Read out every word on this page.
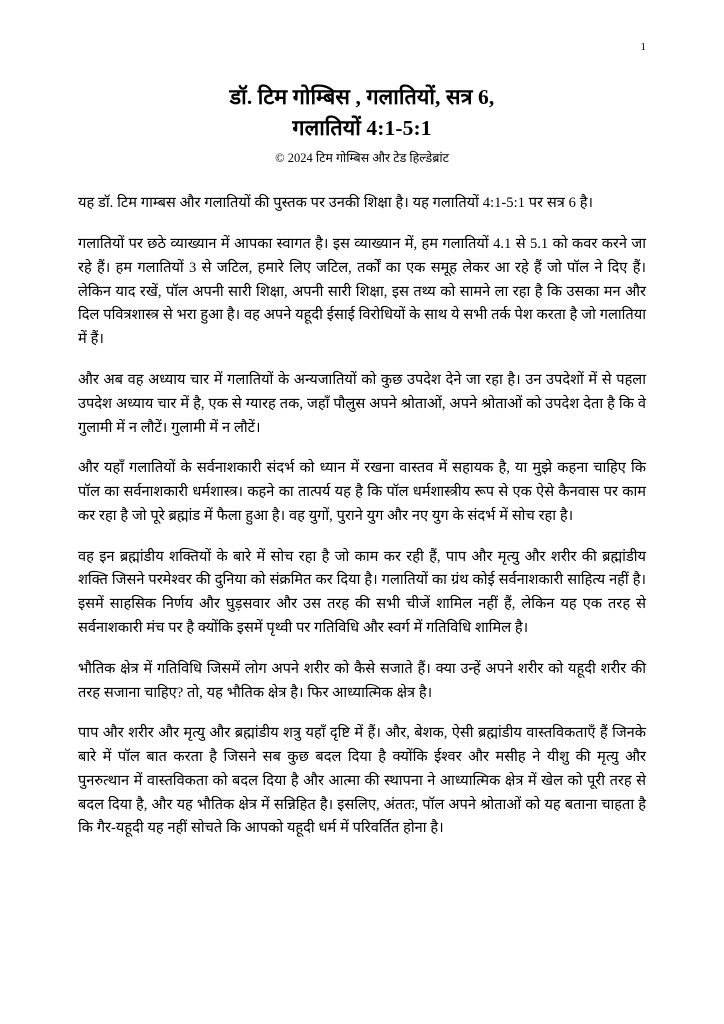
1
डॉ. टिम गोम्बिस , गलातियों, सत्र 6,
गलातियों 4:1-5:1
© 2024 टिम गोम्बिस और टेड हिल्डेब्रांट

यह डॉ. टिम गाम्बस और गलातियों की पुस्तक पर उनकी शिक्षा है। यह गलातियों 4:1-5:1 पर सत्र 6 है।

गलातियों पर छठे व्याख्यान में आपका स्वागत है। इस व्याख्यान में, हम गलातियों 4.1 से 5.1 को कवर करने जा रहे हैं। हम गलातियों 3 से जटिल, हमारे लिए जटिल, तर्कों का एक समूह लेकर आ रहे हैं जो पॉल ने दिए हैं। लेकिन याद रखें, पॉल अपनी सारी शिक्षा, अपनी सारी शिक्षा, इस तथ्य को सामने ला रहा है कि उसका मन और दिल पवित्रशास्त्र से भरा हुआ है। वह अपने यहूदी ईसाई विरोधियों के साथ ये सभी तर्क पेश करता है जो गलातिया में हैं।

और अब वह अध्याय चार में गलातियों के अन्यजातियों को कुछ उपदेश देने जा रहा है। उन उपदेशों में से पहला उपदेश अध्याय चार में है, एक से ग्यारह तक, जहाँ पौलुस अपने श्रोताओं, अपने श्रोताओं को उपदेश देता है कि वे गुलामी में न लौटें। गुलामी में न लौटें।

और यहाँ गलातियों के सर्वनाशकारी संदर्भ को ध्यान में रखना वास्तव में सहायक है, या मुझे कहना चाहिए कि पॉल का सर्वनाशकारी धर्मशास्त्र। कहने का तात्पर्य यह है कि पॉल धर्मशास्त्रीय रूप से एक ऐसे कैनवास पर काम कर रहा है जो पूरे ब्रह्मांड में फैला हुआ है। वह युगों, पुराने युग और नए युग के संदर्भ में सोच रहा है।

वह इन ब्रह्मांडीय शक्तियों के बारे में सोच रहा है जो काम कर रही हैं, पाप और मृत्यु और शरीर की ब्रह्मांडीय शक्ति जिसने परमेश्वर की दुनिया को संक्रमित कर दिया है। गलातियों का ग्रंथ कोई सर्वनाशकारी साहित्य नहीं है। इसमें साहसिक निर्णय और घुड़सवार और उस तरह की सभी चीजें शामिल नहीं हैं, लेकिन यह एक तरह से सर्वनाशकारी मंच पर है क्योंकि इसमें पृथ्वी पर गतिविधि और स्वर्ग में गतिविधि शामिल है।

भौतिक क्षेत्र में गतिविधि जिसमें लोग अपने शरीर को कैसे सजाते हैं। क्या उन्हें अपने शरीर को यहूदी शरीर की तरह सजाना चाहिए? तो, यह भौतिक क्षेत्र है। फिर आध्यात्मिक क्षेत्र है।

पाप और शरीर और मृत्यु और ब्रह्मांडीय शत्रु यहाँ दृष्टि में हैं। और, बेशक, ऐसी ब्रह्मांडीय वास्तविकताएँ हैं जिनके बारे में पॉल बात करता है जिसने सब कुछ बदल दिया है क्योंकि ईश्वर और मसीह ने यीशु की मृत्यु और पुनरुत्थान में वास्तविकता को बदल दिया है और आत्मा की स्थापना ने आध्यात्मिक क्षेत्र में खेल को पूरी तरह से बदल दिया है, और यह भौतिक क्षेत्र में सन्निहित है। इसलिए, अंततः, पॉल अपने श्रोताओं को यह बताना चाहता है कि गैर-यहूदी यह नहीं सोचते कि आपको यहूदी धर्म में परिवर्तित होना है।
